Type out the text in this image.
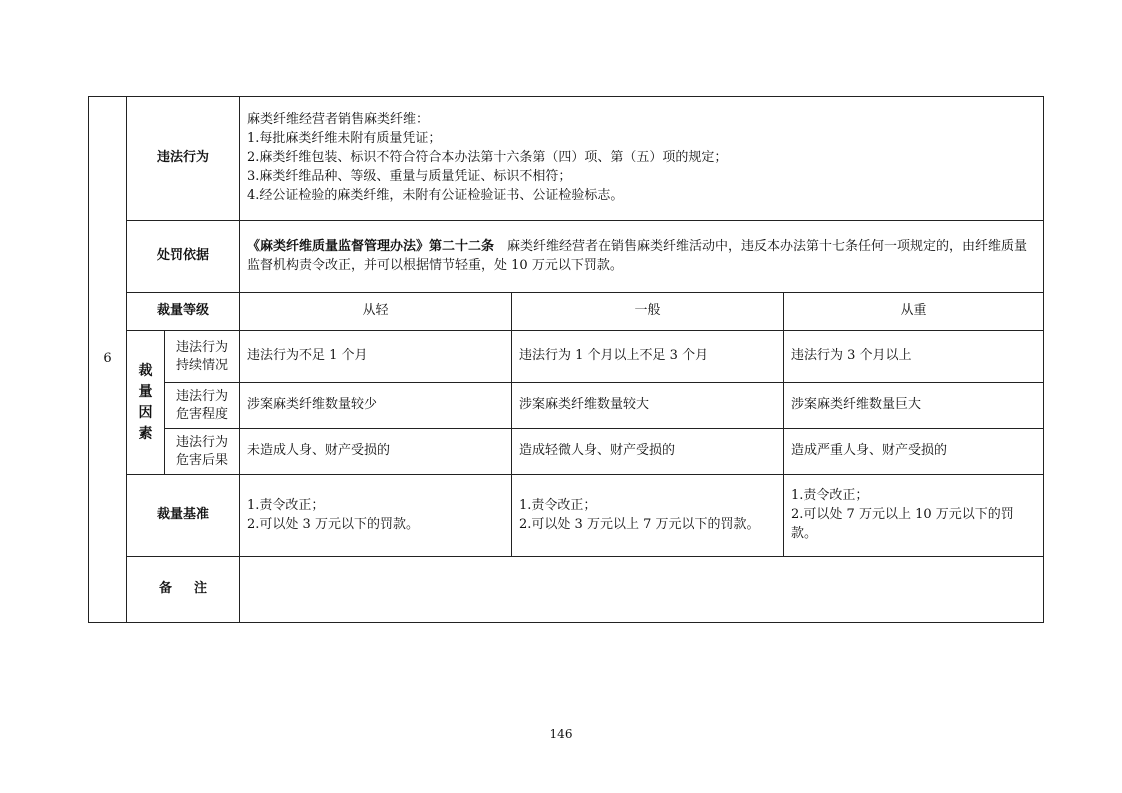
6	违法行为		麻类纤维经营者销售麻类纤维：
1.每批麻类纤维未附有质量凭证；
2.麻类纤维包装、标识不符合符合本办法第十六条第（四）项、第（五）项的规定；
3.麻类纤维品种、等级、重量与质量凭证、标识不相符；
4.经公证检验的麻类纤维，未附有公证检验证书、公证检验标志。		

	处罚依据		《麻类纤维质量监督管理办法》第二十二条　麻类纤维经营者在销售麻类纤维活动中，违反本办法第十七条任何一项规定的，由纤维质量监督机构责令改正，并可以根据情节轻重，处 10 万元以下罚款。		
	裁量等级		从轻	一般	从重

	裁
量
因
素	违法行为
持续情况	违法行为不足 1 个月	违法行为 1 个月以上不足 3 个月	违法行为 3 个月以上

		违法行为
危害程度	涉案麻类纤维数量较少	涉案麻类纤维数量较大	涉案麻类纤维数量巨大

		违法行为
危害后果	未造成人身、财产受损的	造成轻微人身、财产受损的	造成严重人身、财产受损的
	裁量基准		1.责令改正；
2.可以处 3 万元以下的罚款。	1.责令改正；
2.可以处 3 万元以上 7 万元以下的罚款。	1.责令改正；
2.可以处 7 万元以上 10 万元以下的罚款。

	备注				
146
